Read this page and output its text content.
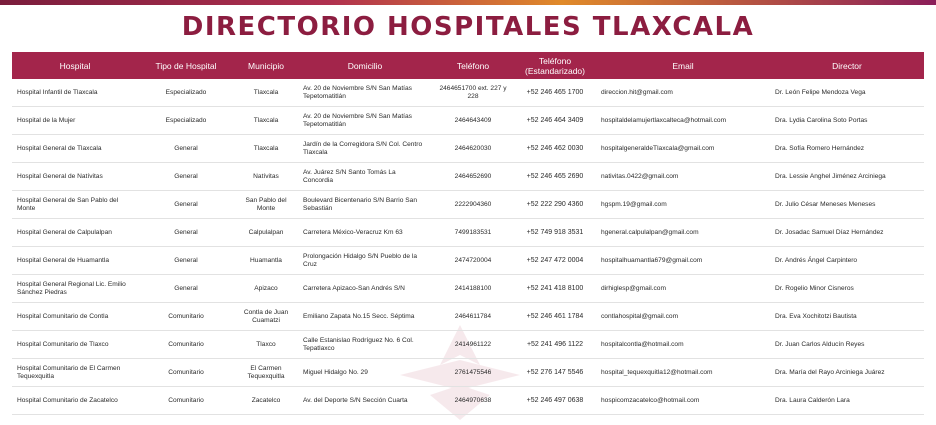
DIRECTORIO HOSPITALES TLAXCALA
Hospital	Tipo de Hospital	Municipio	Domicilio	Teléfono	Teléfono (Estandarizado)	Email	Director
Hospital Infantil de Tlaxcala	Especializado	Tlaxcala	Av. 20 de Noviembre S/N San Matías Tepetomatitlán	2464651700 ext. 227 y 228	+52 246 465 1700	direccion.hit@gmail.com	Dr. León Felipe Mendoza Vega
Hospital de la Mujer	Especializado	Tlaxcala	Av. 20 de Noviembre S/N San Matías Tepetomatitlán	2464643409	+52 246 464 3409	hospitaldelamujertlaxcalteca@hotmail.com	Dra. Lydia Carolina Soto Portas
Hospital General de Tlaxcala	General	Tlaxcala	Jardín de la Corregidora S/N Col. Centro Tlaxcala	2464620030	+52 246 462 0030	hospitalgeneraldeTlaxcala@gmail.com	Dra. Sofía Romero Hernández
Hospital General de Natívitas	General	Natívitas	Av. Juárez S/N Santo Tomás La Concordia	2464652690	+52 246 465 2690	nativitas.0422@gmail.com	Dra. Lessie Anghel Jiménez Arciniega
Hospital General de San Pablo del Monte	General	San Pablo del Monte	Boulevard Bicentenario S/N Barrio San Sebastián	2222904360	+52 222 290 4360	hgspm.19@gmail.com	Dr. Julio César Meneses Meneses
Hospital General de Calpulalpan	General	Calpulalpan	Carretera México-Veracruz Km 63	7499183531	+52 749 918 3531	hgeneral.calpulalpan@gmail.com	Dr. Josadac Samuel Díaz Hernández
Hospital General de Huamantla	General	Huamantla	Prolongación Hidalgo S/N Pueblo de la Cruz	2474720004	+52 247 472 0004	hospitalhuamantla679@gmail.com	Dr. Andrés Ángel Carpintero
Hospital General Regional Lic. Emilio Sánchez Piedras	General	Apizaco	Carretera Apizaco-San Andrés S/N	2414188100	+52 241 418 8100	dirhiglesp@gmail.com	Dr. Rogelio Minor Cisneros
Hospital Comunitario de Contla	Comunitario	Contla de Juan Cuamatzi	Emiliano Zapata No.15 Secc. Séptima	2464611784	+52 246 461 1784	contlahospital@gmail.com	Dra. Eva Xochitotzi Bautista
Hospital Comunitario de Tlaxco	Comunitario	Tlaxco	Calle Estanislao Rodríguez No. 6 Col. Tepatlaxco	2414961122	+52 241 496 1122	hospitalcontla@hotmail.com	Dr. Juan Carlos Alducín Reyes
Hospital Comunitario de El Carmen Tequexquitla	Comunitario	El Carmen Tequexquitla	Miguel Hidalgo No. 29	2761475546	+52 276 147 5546	hospital_tequexquitla12@hotmail.com	Dra. María del Rayo Arciniega Juárez
Hospital Comunitario de Zacatelco	Comunitario	Zacatelco	Av. del Deporte S/N Sección Cuarta	2464970638	+52 246 497 0638	hospicomzacatelco@hotmail.com	Dra. Laura Calderón Lara
